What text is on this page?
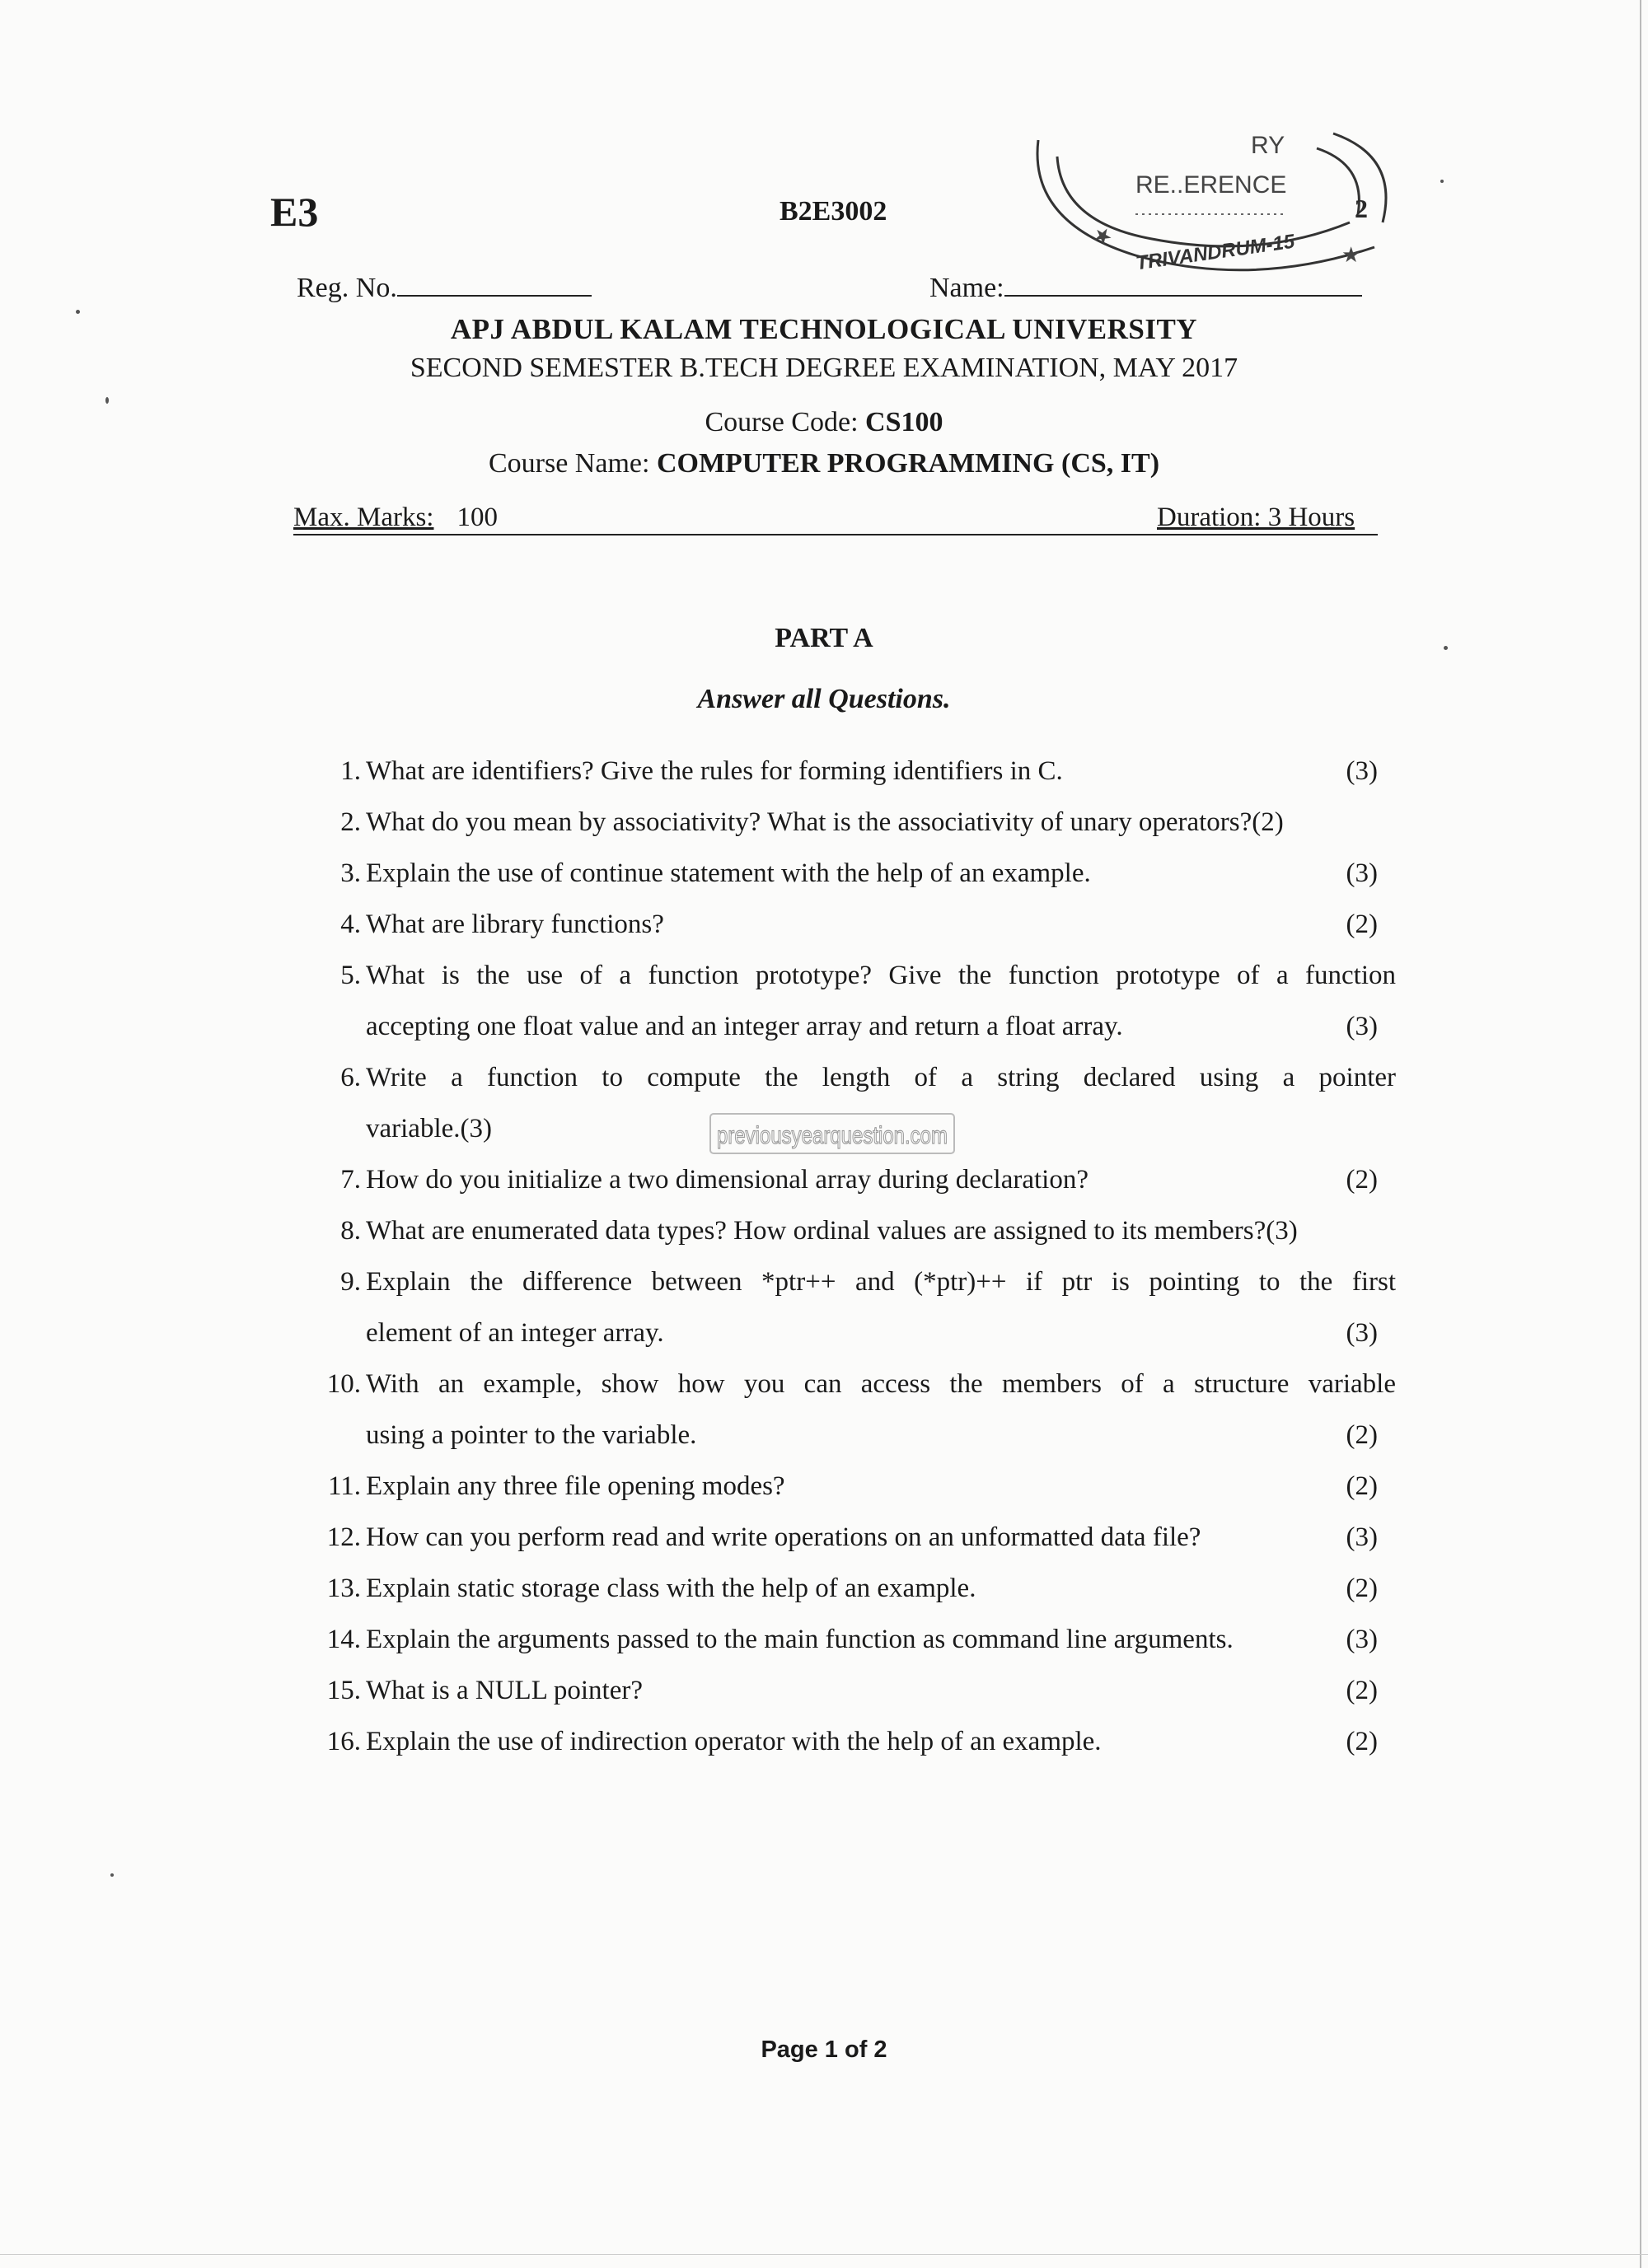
E3	B2E3002
RY
RE..ERENCE
TRIVANDRUM-15
★
★
2
Reg. No.	Name:
APJ ABDUL KALAM TECHNOLOGICAL UNIVERSITY
SECOND SEMESTER B.TECH DEGREE EXAMINATION, MAY 2017
Course Code: CS100
Course Name: COMPUTER PROGRAMMING (CS, IT)
Max. Marks: 100	Duration: 3 Hours
PART A
Answer all Questions.
1. What are identifiers? Give the rules for forming identifiers in C.	(3)
2. What do you mean by associativity? What is the associativity of unary operators?(2)
3. Explain the use of continue statement with the help of an example.	(3)
4. What are library functions?	(2)
5. What is the use of a function prototype? Give the function prototype of a function
accepting one float value and an integer array and return a float array.	(3)
6. Write a function to compute the length of a string declared using a pointer
variable.(3)
7. How do you initialize a two dimensional array during declaration?	(2)
8. What are enumerated data types? How ordinal values are assigned to its members?(3)
9. Explain the difference between *ptr++ and (*ptr)++ if ptr is pointing to the first
element of an integer array.	(3)
10. With an example, show how you can access the members of a structure variable
using a pointer to the variable.	(2)
11. Explain any three file opening modes?	(2)
12. How can you perform read and write operations on an unformatted data file?	(3)
13. Explain static storage class with the help of an example.	(2)
14. Explain the arguments passed to the main function as command line arguments.	(3)
15. What is a NULL pointer?	(2)
16. Explain the use of indirection operator with the help of an example.	(2)
previousyearquestion.com
Page 1 of 2
